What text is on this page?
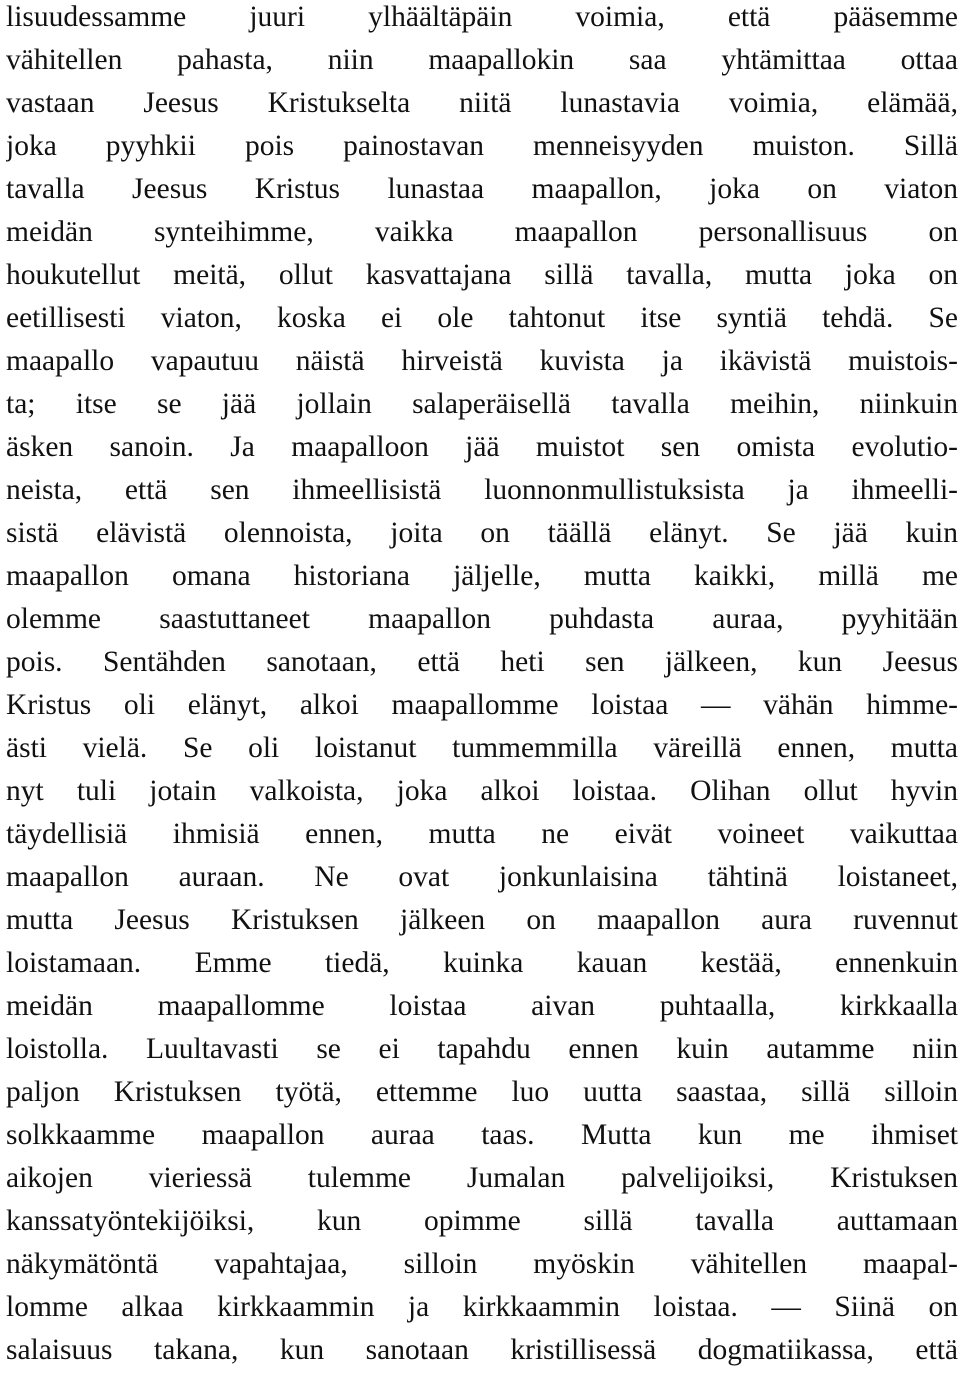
lisuudessamme juuri ylhäältäpäin voimia, että pääsemme
vähitellen pahasta, niin maapallokin saa yhtämittaa ottaa
vastaan Jeesus Kristukselta niitä lunastavia voimia, elämää,
joka pyyhkii pois painostavan menneisyyden muiston. Sillä
tavalla Jeesus Kristus lunastaa maapallon, joka on viaton
meidän synteihimme, vaikka maapallon personallisuus on
houkutellut meitä, ollut kasvattajana sillä tavalla, mutta joka on
eetillisesti viaton, koska ei ole tahtonut itse syntiä tehdä. Se
maapallo vapautuu näistä hirveistä kuvista ja ikävistä muistois-
ta; itse se jää jollain salaperäisellä tavalla meihin, niinkuin
äsken sanoin. Ja maapalloon jää muistot sen omista evolutio-
neista, että sen ihmeellisistä luonnonmullistuksista ja ihmeelli-
sistä elävistä olennoista, joita on täällä elänyt. Se jää kuin
maapallon omana historiana jäljelle, mutta kaikki, millä me
olemme saastuttaneet maapallon puhdasta auraa, pyyhitään
pois. Sentähden sanotaan, että heti sen jälkeen, kun Jeesus
Kristus oli elänyt, alkoi maapallomme loistaa — vähän himme-
ästi vielä. Se oli loistanut tummemmilla väreillä ennen, mutta
nyt tuli jotain valkoista, joka alkoi loistaa. Olihan ollut hyvin
täydellisiä ihmisiä ennen, mutta ne eivät voineet vaikuttaa
maapallon auraan. Ne ovat jonkunlaisina tähtinä loistaneet,
mutta Jeesus Kristuksen jälkeen on maapallon aura ruvennut
loistamaan. Emme tiedä, kuinka kauan kestää, ennenkuin
meidän maapallomme loistaa aivan puhtaalla, kirkkaalla
loistolla. Luultavasti se ei tapahdu ennen kuin autamme niin
paljon Kristuksen työtä, ettemme luo uutta saastaa, sillä silloin
solkkaamme maapallon auraa taas. Mutta kun me ihmiset
aikojen vieriessä tulemme Jumalan palvelijoiksi, Kristuksen
kanssatyöntekijöiksi, kun opimme sillä tavalla auttamaan
näkymätöntä vapahtajaa, silloin myöskin vähitellen maapal-
lomme alkaa kirkkaammin ja kirkkaammin loistaa. — Siinä on
salaisuus takana, kun sanotaan kristillisessä dogmatiikassa, että
